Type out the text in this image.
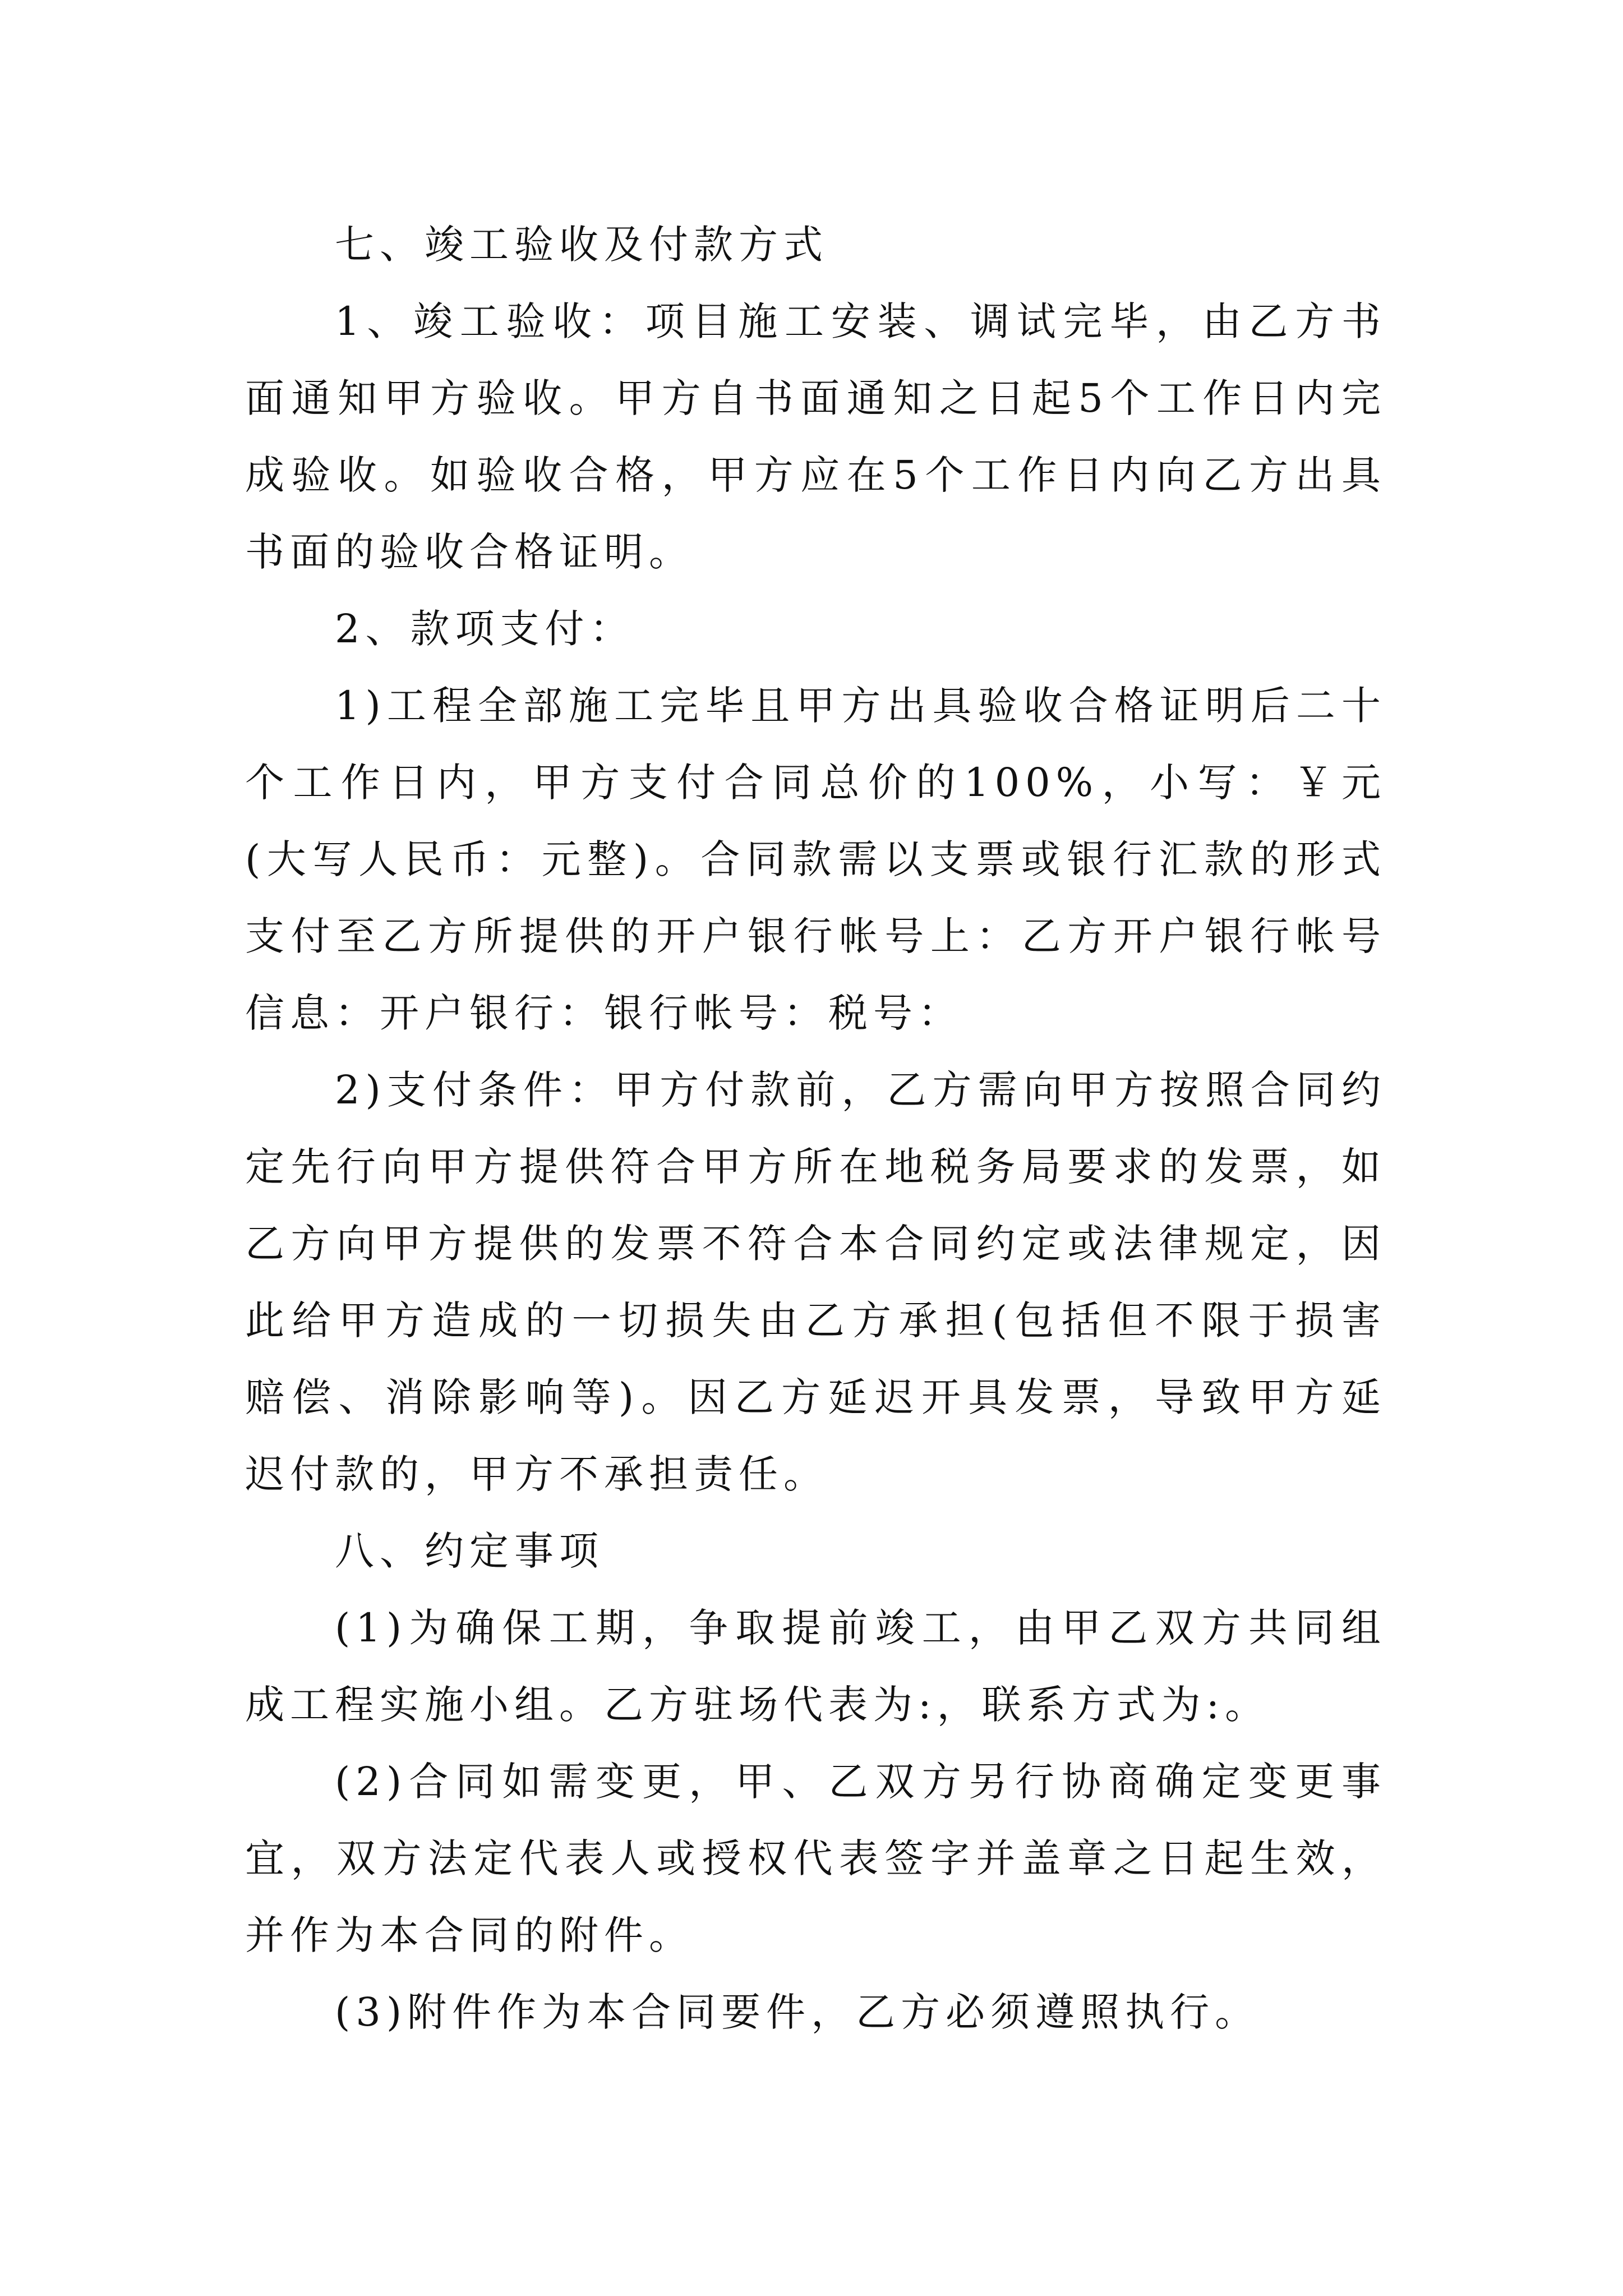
七、竣工验收及付款方式

1、竣工验收：项目施工安装、调试完毕，由乙方书面通知甲方验收。甲方自书面通知之日起5个工作日内完成验收。如验收合格，甲方应在5个工作日内向乙方出具书面的验收合格证明。

2、款项支付：

1)工程全部施工完毕且甲方出具验收合格证明后二十个工作日内，甲方支付合同总价的100%，小写：￥元(大写人民币：元整)。合同款需以支票或银行汇款的形式支付至乙方所提供的开户银行帐号上：乙方开户银行帐号信息：开户银行：银行帐号：税号：

2)支付条件：甲方付款前，乙方需向甲方按照合同约定先行向甲方提供符合甲方所在地税务局要求的发票，如乙方向甲方提供的发票不符合本合同约定或法律规定，因此给甲方造成的一切损失由乙方承担(包括但不限于损害赔偿、消除影响等)。因乙方延迟开具发票，导致甲方延迟付款的，甲方不承担责任。

八、约定事项

(1)为确保工期，争取提前竣工，由甲乙双方共同组成工程实施小组。乙方驻场代表为:，联系方式为:。

(2)合同如需变更，甲、乙双方另行协商确定变更事宜，双方法定代表人或授权代表签字并盖章之日起生效，并作为本合同的附件。

(3)附件作为本合同要件，乙方必须遵照执行。
